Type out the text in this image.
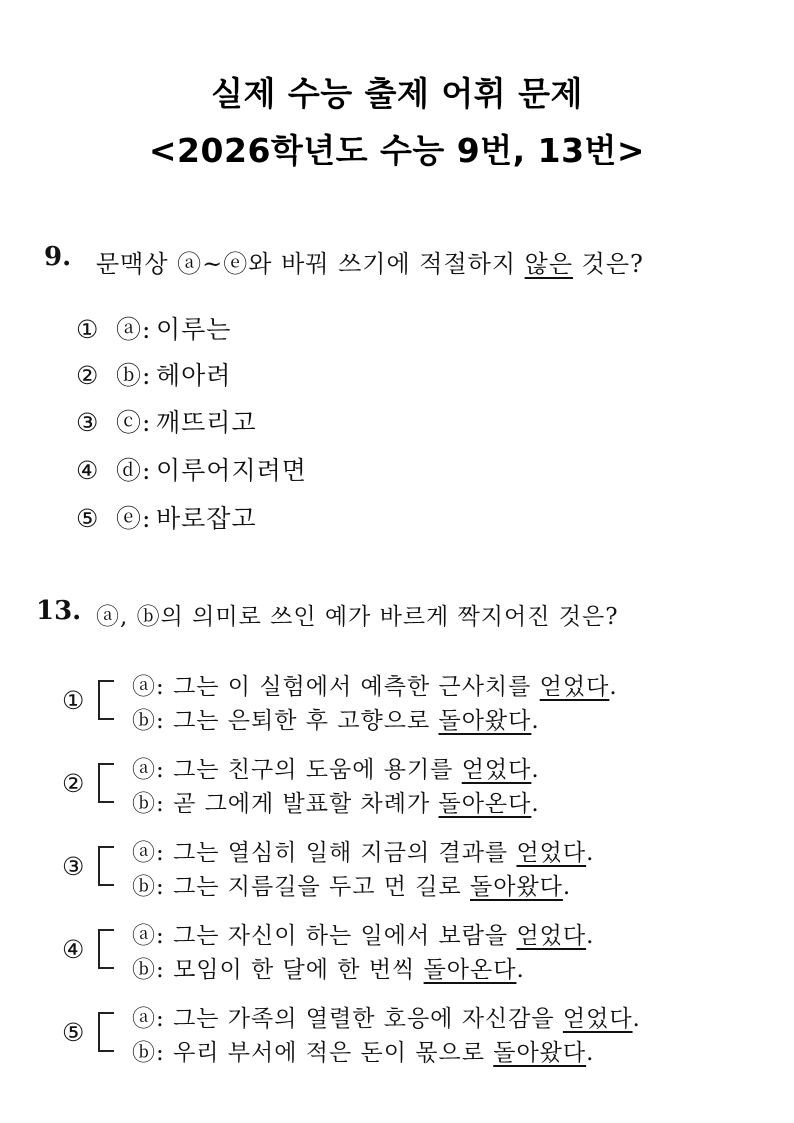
실제 수능 출제 어휘 문제
<2026학년도 수능 9번, 13번>
9. 문맥상 ⓐ~ⓔ와 바꿔 쓰기에 적절하지 않은 것은?
① ⓐ: 이루는
② ⓑ: 헤아려
③ ⓒ: 깨뜨리고
④ ⓓ: 이루어지려면
⑤ ⓔ: 바로잡고
13. ⓐ, ⓑ의 의미로 쓰인 예가 바르게 짝지어진 것은?
① ⓐ: 그는 이 실험에서 예측한 근사치를 얻었다.
ⓑ: 그는 은퇴한 후 고향으로 돌아왔다.
② ⓐ: 그는 친구의 도움에 용기를 얻었다.
ⓑ: 곧 그에게 발표할 차례가 돌아온다.
③ ⓐ: 그는 열심히 일해 지금의 결과를 얻었다.
ⓑ: 그는 지름길을 두고 먼 길로 돌아왔다.
④ ⓐ: 그는 자신이 하는 일에서 보람을 얻었다.
ⓑ: 모임이 한 달에 한 번씩 돌아온다.
⑤ ⓐ: 그는 가족의 열렬한 호응에 자신감을 얻었다.
ⓑ: 우리 부서에 적은 돈이 몫으로 돌아왔다.
